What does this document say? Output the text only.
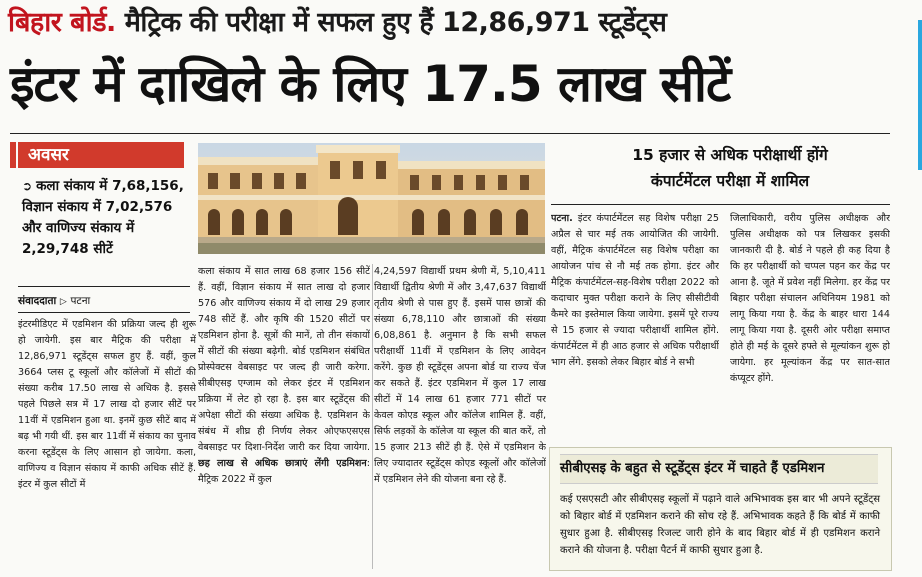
बिहार बोर्ड. मैट्रिक की परीक्षा में सफल हुए हैं 12,86,971 स्टूडेंट्स
इंटर में दाखिले के लिए 17.5 लाख सीटें
अवसर
➲ कला संकाय में 7,68,156, विज्ञान संकाय में 7,02,576 और वाणिज्य संकाय में 2,29,748 सीटें
संवाददाता ▷ पटना
इंटरमीडिएट में एडमिशन की प्रक्रिया जल्द ही शुरू हो जायेगी. इस बार मैट्रिक की परीक्षा में 12,86,971 स्टूडेंट्स सफल हुए हैं. वहीं, कुल 3664 प्लस टू स्कूलों और कॉलेजों में सीटों की संख्या करीब 17.50 लाख से अधिक है. इससे पहले पिछले सत्र में 17 लाख दो हजार सीटें पर 11वीं में एडमिशन हुआ था. इनमें कुछ सीटें बाद में बढ़ भी गयी थीं. इस बार 11वीं में संकाय का चुनाव करना स्टूडेंट्स के लिए आसान हो जायेगा. कला, वाणिज्य व विज्ञान संकाय में काफी अधिक सीटें हैं. इंटर में कुल सीटों में
कला संकाय में सात लाख 68 हजार 156 सीटें हैं. वहीं, विज्ञान संकाय में सात लाख दो हजार 576 और वाणिज्य संकाय में दो लाख 29 हजार 748 सीटें हैं. और कृषि की 1520 सीटों पर एडमिशन होना है. सूत्रों की मानें, तो तीन संकायों में सीटों की संख्या बढ़ेगी. बोर्ड एडमिशन संबंधित प्रोस्पेक्टस वेबसाइट पर जल्द ही जारी करेगा. सीबीएसइ एग्जाम को लेकर इंटर में एडमिशन प्रक्रिया में लेट हो रहा है. इस बार स्टूडेंट्स की अपेक्षा सीटों की संख्या अधिक है. एडमिशन के संबंध में शीघ्र ही निर्णय लेकर ओएफएसएस वेबसाइट पर दिशा-निर्देश जारी कर दिया जायेगा. छह लाख से अधिक छात्राएं लेंगी एडमिशन: मैट्रिक 2022 में कुल
4,24,597 विद्यार्थी प्रथम श्रेणी में, 5,10,411 विद्यार्थी द्वितीय श्रेणी में और 3,47,637 विद्यार्थी तृतीय श्रेणी से पास हुए हैं. इसमें पास छात्रों की संख्या 6,78,110 और छात्राओं की संख्या 6,08,861 है. अनुमान है कि सभी सफल परीक्षार्थी 11वीं में एडमिशन के लिए आवेदन करेंगे. कुछ ही स्टूडेंट्स अपना बोर्ड या राज्य चेंज कर सकते हैं. इंटर एडमिशन में कुल 17 लाख सीटों में 14 लाख 61 हजार 771 सीटों पर केवल कोएड स्कूल और कॉलेज शामिल हैं. वहीं, सिर्फ लड़कों के कॉलेज या स्कूल की बात करें, तो 15 हजार 213 सीटें ही हैं. ऐसे में एडमिशन के लिए ज्यादातर स्टूडेंट्स कोएड स्कूलों और कॉलेजों में एडमिशन लेने की योजना बना रहे हैं.
15 हजार से अधिक परीक्षार्थी होंगे
कंपार्टमेंटल परीक्षा में शामिल
पटना. इंटर कंपार्टमेंटल सह विशेष परीक्षा 25 अप्रैल से चार मई तक आयोजित की जायेगी. वहीं, मैट्रिक कंपार्टमेंटल सह विशेष परीक्षा का आयोजन पांच से नौ मई तक होगा. इंटर और मैट्रिक कंपार्टमेंटल-सह-विशेष परीक्षा 2022 को कदाचार मुक्त परीक्षा कराने के लिए सीसीटीवी कैमरे का इस्तेमाल किया जायेगा. इसमें पूरे राज्य से 15 हजार से ज्यादा परीक्षार्थी शामिल होंगे. कंपार्टमेंटल में ही आठ हजार से अधिक परीक्षार्थी भाग लेंगे. इसको लेकर बिहार बोर्ड ने सभी
जिलाधिकारी, वरीय पुलिस अधीक्षक और पुलिस अधीक्षक को पत्र लिखकर इसकी जानकारी दी है. बोर्ड ने पहले ही कह दिया है कि हर परीक्षार्थी को चप्पल पहन कर केंद्र पर आना है. जूते में प्रवेश नहीं मिलेगा. हर केंद्र पर बिहार परीक्षा संचालन अधिनियम 1981 को लागू किया गया है. केंद्र के बाहर धारा 144 लागू किया गया है. दूसरी ओर परीक्षा समाप्त होते ही मई के दूसरे हफ्ते से मूल्यांकन शुरू हो जायेगा. हर मूल्यांकन केंद्र पर सात-सात कंप्यूटर होंगे.
सीबीएसइ के बहुत से स्टूडेंट्स इंटर में चाहते हैं एडमिशन
कई एसएसटी और सीबीएसइ स्कूलों में पढ़ाने वाले अभिभावक इस बार भी अपने स्टूडेंट्स को बिहार बोर्ड में एडमिशन कराने की सोच रहे हैं. अभिभावक कहते हैं कि बोर्ड में काफी सुधार हुआ है. सीबीएसइ रिजल्ट जारी होने के बाद बिहार बोर्ड में ही एडमिशन कराने कराने की योजना है. परीक्षा पैटर्न में काफी सुधार हुआ है.
